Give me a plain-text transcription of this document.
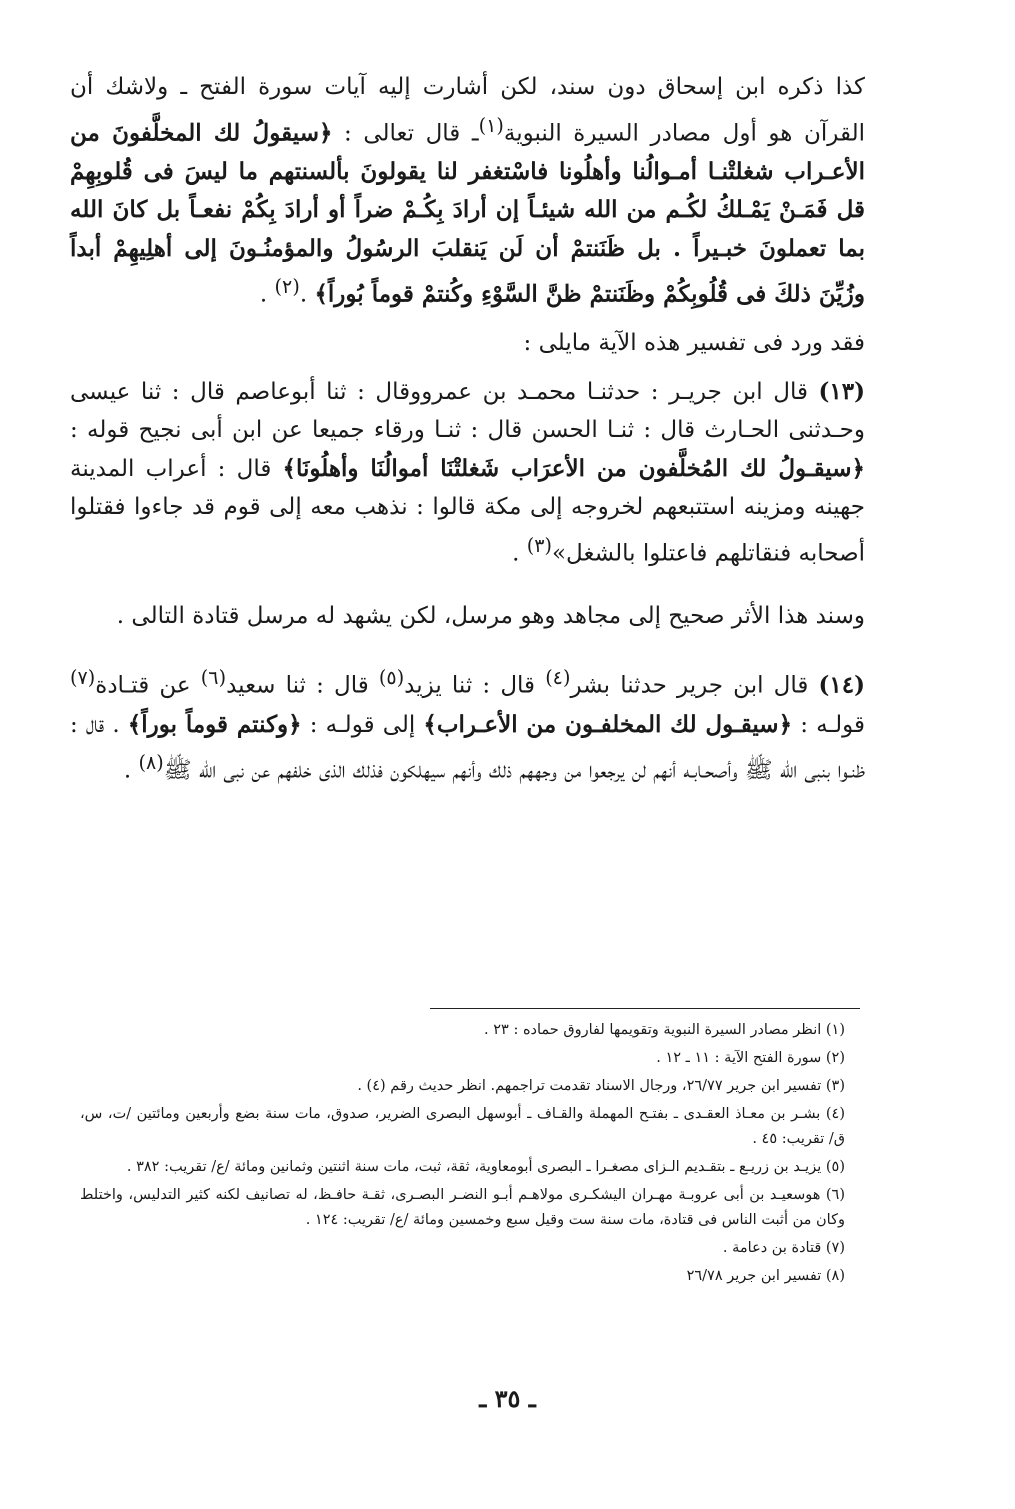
كذا ذكره ابن إسحاق دون سند، لكن أشارت إليه آيات سورة الفتح ـ ولاشك أن القرآن هو أول مصادر السيرة النبوية$^{(١)}$ـ قال تعالى : ﴿سيقولُ لك المخلَّفونَ من الأعـراب شغلتْنـا أمـوالُنا وأهلُونا فاسْتغفر لنا يقولونَ بألسنتهم ما ليسَ فى قُلوبِهِمْ قل فَمَـنْ يَمْـلكُ لكُـم من الله شيئـاً إن أرادَ بِكُـمْ ضراً أو أرادَ بِكُمْ نفعـاً بل كانَ الله بما تعملونَ خبـيراً . بل ظَنَنتمْ أن لَن يَنقلبَ الرسُولُ والمؤمنُـونَ إلى أهلِيهِمْ أبداً وزُيِّنَ ذلكَ فى قُلُوبِكُمْ وظَنَنتمْ ظنَّ السَّوْءِ وكُنتمْ قوماً بُوراً﴾ .$^{(٢)}$ .

فقد ورد فى تفسير هذه الآية مايلى :

(١٣) قال ابن جريـر : حدثنـا محمـد بن عمرووقال : ثنا أبوعاصم قال : ثنا عيسى وحـدثنى الحـارث قال : ثنـا الحسن قال : ثنـا ورقاء جميعا عن ابن أبى نجيح قوله : ﴿سيقـولُ لك المُخلَّفون من الأعرَاب شَغلتْنَا أموالُنَا وأهلُونَا﴾ قال : أعراب المدينة جهينه ومزينه استتبعهم لخروجه إلى مكة قالوا : نذهب معه إلى قوم قد جاءوا فقتلوا أصحابه فنقاتلهم فاعتلوا بالشغل»$^{(٣)}$ .

وسند هذا الأثر صحيح إلى مجاهد وهو مرسل، لكن يشهد له مرسل قتادة التالى .

(١٤) قال ابن جرير حدثنا بشر$^{(٤)}$ قال : ثنا يزيد$^{(٥)}$ قال : ثنا سعيد$^{(٦)}$ عن قتـادة$^{(٧)}$ قولـه : ﴿سيقـول لك المخلفـون من الأعـراب﴾ إلى قولـه : ﴿وكنتم قوماً بوراً﴾ . قال : ظنـوا بنبى الله ﷺ وأصحـابـه أنهم لن يرجعوا من وجههم ذلك وأنهم سيهلكون فذلك الذى خلفهم عن نبى الله ﷺ$^{(٨)}$ .

(١) انظر مصادر السيرة النبوية وتقويمها لفاروق حماده : ٢٣ .

(٢) سورة الفتح الآية : ١١ ـ ١٢ .

(٣) تفسير ابن جرير ٢٦/٧٧، ورجال الاسناد تقدمت تراجمهم. انظر حديث رقم (٤) .

(٤) بشـر بن معـاذ العقـدى ـ بفتـح المهملة والقـاف ـ أبوسهل البصرى الضرير، صدوق، مات سنة بضع وأربعين ومائتين /ت، س، ق/ تقريب: ٤٥ .

(٥) يزيـد بن زريـع ـ بتقـديم الـزاى مصغـرا ـ البصرى أبومعاوية، ثقة، ثبت، مات سنة اثنتين وثمانين ومائة /ع/ تقريب: ٣٨٢ .

(٦) هوسعيـد بن أبى عروبـة مهـران اليشكـرى مولاهـم أبـو النضـر البصـرى، ثقـة حافـظ، له تصانيف لكنه كثير التدليس، واختلط وكان من أثبت الناس فى قتادة، مات سنة ست وقيل سبع وخمسين ومائة /ع/ تقريب: ١٢٤ .

(٧) قتادة بن دعامة .

(٨) تفسير ابن جرير ٢٦/٧٨

ـ ٣٥ ـ
